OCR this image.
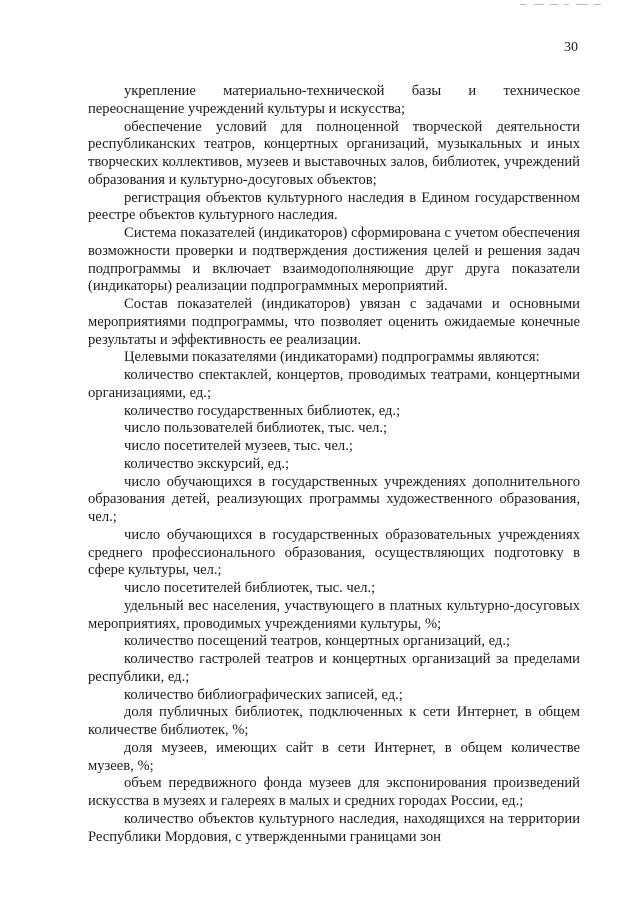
30

укрепление материально-технической базы и техническое переоснащение учреждений культуры и искусства;

обеспечение условий для полноценной творческой деятельности республиканских театров, концертных организаций, музыкальных и иных творческих коллективов, музеев и выставочных залов, библиотек, учреждений образования и культурно-досуговых объектов;

регистрация объектов культурного наследия в Едином государственном реестре объектов культурного наследия.

Система показателей (индикаторов) сформирована с учетом обеспечения возможности проверки и подтверждения достижения целей и решения задач подпрограммы и включает взаимодополняющие друг друга показатели (индикаторы) реализации подпрограммных мероприятий.

Состав показателей (индикаторов) увязан с задачами и основными мероприятиями подпрограммы, что позволяет оценить ожидаемые конечные результаты и эффективность ее реализации.

Целевыми показателями (индикаторами) подпрограммы являются:

количество спектаклей, концертов, проводимых театрами, концертными организациями, ед.;

количество государственных библиотек, ед.;

число пользователей библиотек, тыс. чел.;

число посетителей музеев, тыс. чел.;

количество экскурсий, ед.;

число обучающихся в государственных учреждениях дополнительного образования детей, реализующих программы художественного образования, чел.;

число обучающихся в государственных образовательных учреждениях среднего профессионального образования, осуществляющих подготовку в сфере культуры, чел.;

число посетителей библиотек, тыс. чел.;

удельный вес населения, участвующего в платных культурно-досуговых мероприятиях, проводимых учреждениями культуры, %;

количество посещений театров, концертных организаций, ед.;

количество гастролей театров и концертных организаций за пределами республики, ед.;

количество библиографических записей, ед.;

доля публичных библиотек, подключенных к сети Интернет, в общем количестве библиотек, %;

доля музеев, имеющих сайт в сети Интернет, в общем количестве музеев, %;

объем передвижного фонда музеев для экспонирования произведений искусства в музеях и галереях в малых и средних городах России, ед.;

количество объектов культурного наследия, находящихся на территории Республики Мордовия, с утвержденными границами зон
